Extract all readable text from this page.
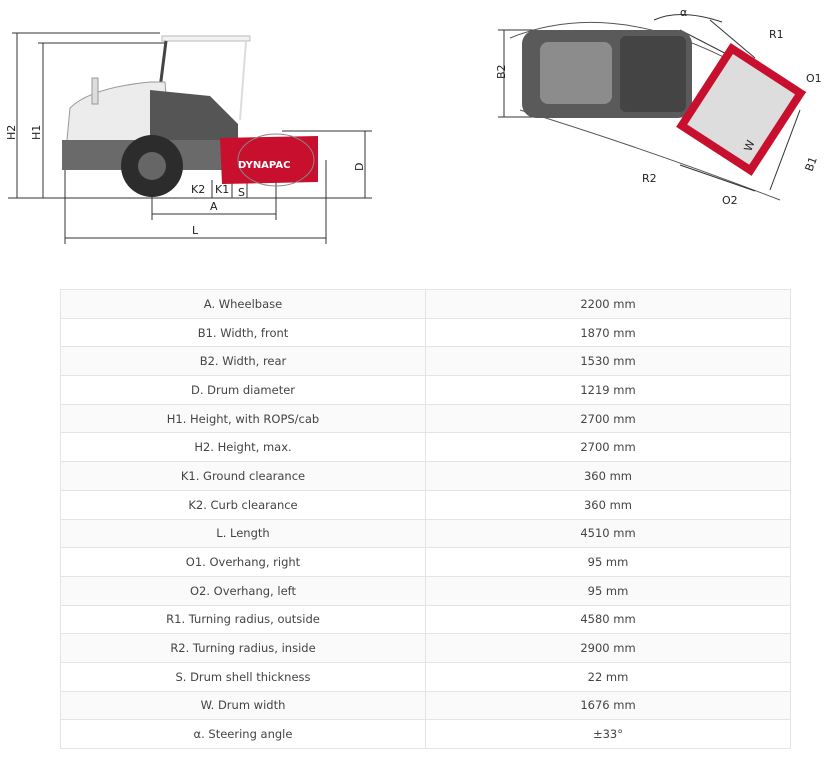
DYNAPAC
H2 H1
D
K2 K1 S
A
L
α
R1
O1
B2
W
B1
R2
O2
A. Wheelbase	2200 mm
B1. Width, front	1870 mm
B2. Width, rear	1530 mm
D. Drum diameter	1219 mm
H1. Height, with ROPS/cab	2700 mm
H2. Height, max.	2700 mm
K1. Ground clearance	360 mm
K2. Curb clearance	360 mm
L. Length	4510 mm
O1. Overhang, right	95 mm
O2. Overhang, left	95 mm
R1. Turning radius, outside	4580 mm
R2. Turning radius, inside	2900 mm
S. Drum shell thickness	22 mm
W. Drum width	1676 mm
α. Steering angle	±33°
